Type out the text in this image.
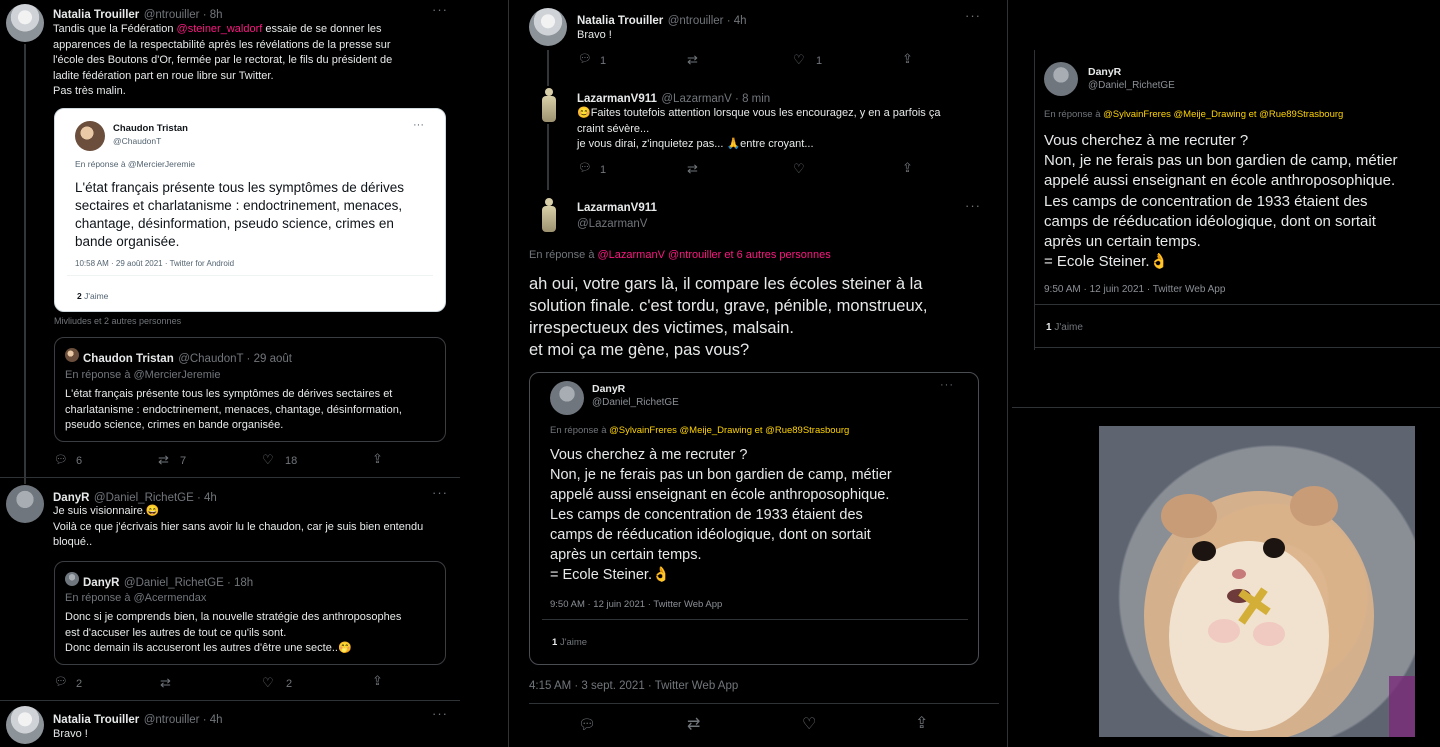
Natalia Trouiller @ntrouiller · 8h	···
Tandis que la Fédération @steiner_waldorf essaie de se donner les
apparences de la respectabilité après les révélations de la presse sur
l'école des Boutons d'Or, fermée par le rectorat, le fils du président de
ladite fédération part en roue libre sur Twitter.
Pas très malin.
Chaudon Tristan
@ChaudonT
···
En réponse à @MercierJeremie
L'état français présente tous les symptômes de dérives
sectaires et charlatanisme : endoctrinement, menaces,
chantage, désinformation, pseudo science, crimes en
bande organisée.
10:58 AM · 29 août 2021 · Twitter for Android
2 J'aime
Mivliudes et 2 autres personnes
Chaudon Tristan @ChaudonT · 29 août
En réponse à @MercierJeremie
L'état français présente tous les symptômes de dérives sectaires et
charlatanisme : endoctrinement, menaces, chantage, désinformation,
pseudo science, crimes en bande organisée.
💬︎ 6	⇄ 7	♡ 18	⇪
DanyR @Daniel_RichetGE · 4h	···
Je suis visionnaire.😄
Voilà ce que j'écrivais hier sans avoir lu le chaudon, car je suis bien entendu
bloqué..
DanyR @Daniel_RichetGE · 18h
En réponse à @Acermendax
Donc si je comprends bien, la nouvelle stratégie des anthroposophes
est d'accuser les autres de tout ce qu'ils sont.
Donc demain ils accuseront les autres d'être une secte..🤭
💬︎ 2	⇄	♡ 2	⇪
Natalia Trouiller @ntrouiller · 4h	···
Bravo !
Natalia Trouiller @ntrouiller · 4h	···
Bravo !
💬︎ 1	⇄	♡ 1	⇪
LazarmanV911 @LazarmanV · 8 min
😊Faites toutefois attention lorsque vous les encouragez, y en a parfois ça
craint sévère...
je vous dirai, z'inquietez pas... 🙏entre croyant...
💬︎ 1	⇄	♡	⇪
LazarmanV911
@LazarmanV
···
En réponse à @LazarmanV @ntrouiller et 6 autres personnes
ah oui, votre gars là, il compare les écoles steiner à la
solution finale. c'est tordu, grave, pénible, monstrueux,
irrespectueux des victimes, malsain.
et moi ça me gène, pas vous?
DanyR
@Daniel_RichetGE
···
En réponse à @SylvainFreres @Meije_Drawing et @Rue89Strasbourg
Vous cherchez à me recruter ?
Non, je ne ferais pas un bon gardien de camp, métier
appelé aussi enseignant en école anthroposophique.
Les camps de concentration de 1933 étaient des
camps de rééducation idéologique, dont on sortait
après un certain temps.
= Ecole Steiner.👌
9:50 AM · 12 juin 2021 · Twitter Web App
1 J'aime
4:15 AM · 3 sept. 2021 · Twitter Web App
💬︎	⇄	♡	⇪
DanyR
@Daniel_RichetGE
En réponse à @SylvainFreres @Meije_Drawing et @Rue89Strasbourg
Vous cherchez à me recruter ?
Non, je ne ferais pas un bon gardien de camp, métier
appelé aussi enseignant en école anthroposophique.
Les camps de concentration de 1933 étaient des
camps de rééducation idéologique, dont on sortait
après un certain temps.
= Ecole Steiner.👌
9:50 AM · 12 juin 2021 · Twitter Web App
1 J'aime
